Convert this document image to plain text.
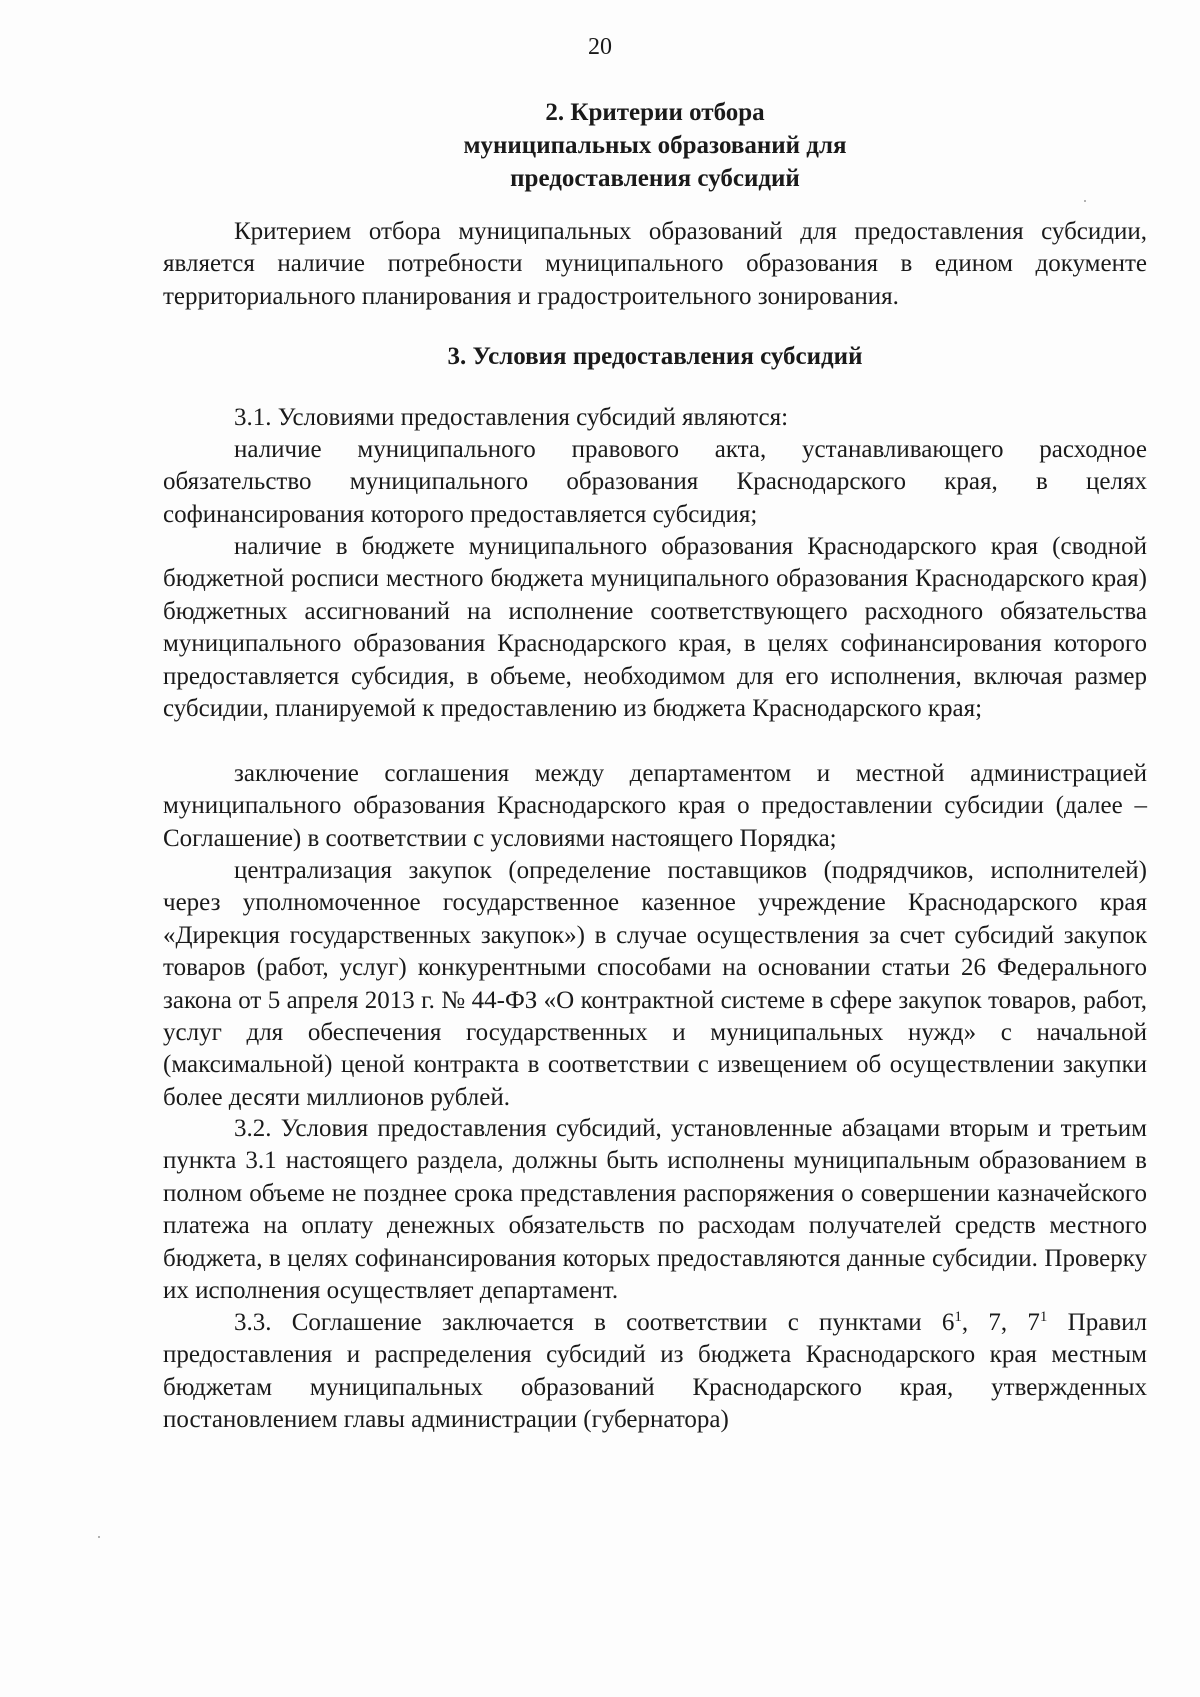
20
2. Критерии отбора
муниципальных образований для
предоставления субсидий

Критерием отбора муниципальных образований для предоставления субсидии, является наличие потребности муниципального образования в едином документе территориального планирования и градостроительного зонирования.

3. Условия предоставления субсидий

3.1. Условиями предоставления субсидий являются:

наличие муниципального правового акта, устанавливающего расходное обязательство муниципального образования Краснодарского края, в целях софинансирования которого предоставляется субсидия;

наличие в бюджете муниципального образования Краснодарского края (сводной бюджетной росписи местного бюджета муниципального образования Краснодарского края) бюджетных ассигнований на исполнение соответствующего расходного обязательства муниципального образования Краснодарского края, в целях софинансирования которого предоставляется субсидия, в объеме, необходимом для его исполнения, включая размер субсидии, планируемой к предоставлению из бюджета Краснодарского края;

заключение соглашения между департаментом и местной администрацией муниципального образования Краснодарского края о предоставлении субсидии (далее – Соглашение) в соответствии с условиями настоящего Порядка;

централизация закупок (определение поставщиков (подрядчиков, исполнителей) через уполномоченное государственное казенное учреждение Краснодарского края «Дирекция государственных закупок») в случае осуществления за счет субсидий закупок товаров (работ, услуг) конкурентными способами на основании статьи 26 Федерального закона от 5 апреля 2013 г. № 44-ФЗ «О контрактной системе в сфере закупок товаров, работ, услуг для обеспечения государственных и муниципальных нужд» с начальной (максимальной) ценой контракта в соответствии с извещением об осуществлении закупки более десяти миллионов рублей.

3.2. Условия предоставления субсидий, установленные абзацами вторым и третьим пункта 3.1 настоящего раздела, должны быть исполнены муниципальным образованием в полном объеме не позднее срока представления распоряжения о совершении казначейского платежа на оплату денежных обязательств по расходам получателей средств местного бюджета, в целях софинансирования которых предоставляются данные субсидии. Проверку их исполнения осуществляет департамент.

3.3. Соглашение заключается в соответствии с пунктами $6^1$, 7, $7^1$ Правил предоставления и распределения субсидий из бюджета Краснодарского края местным бюджетам муниципальных образований Краснодарского края, утвержденных постановлением главы администрации (губернатора)
